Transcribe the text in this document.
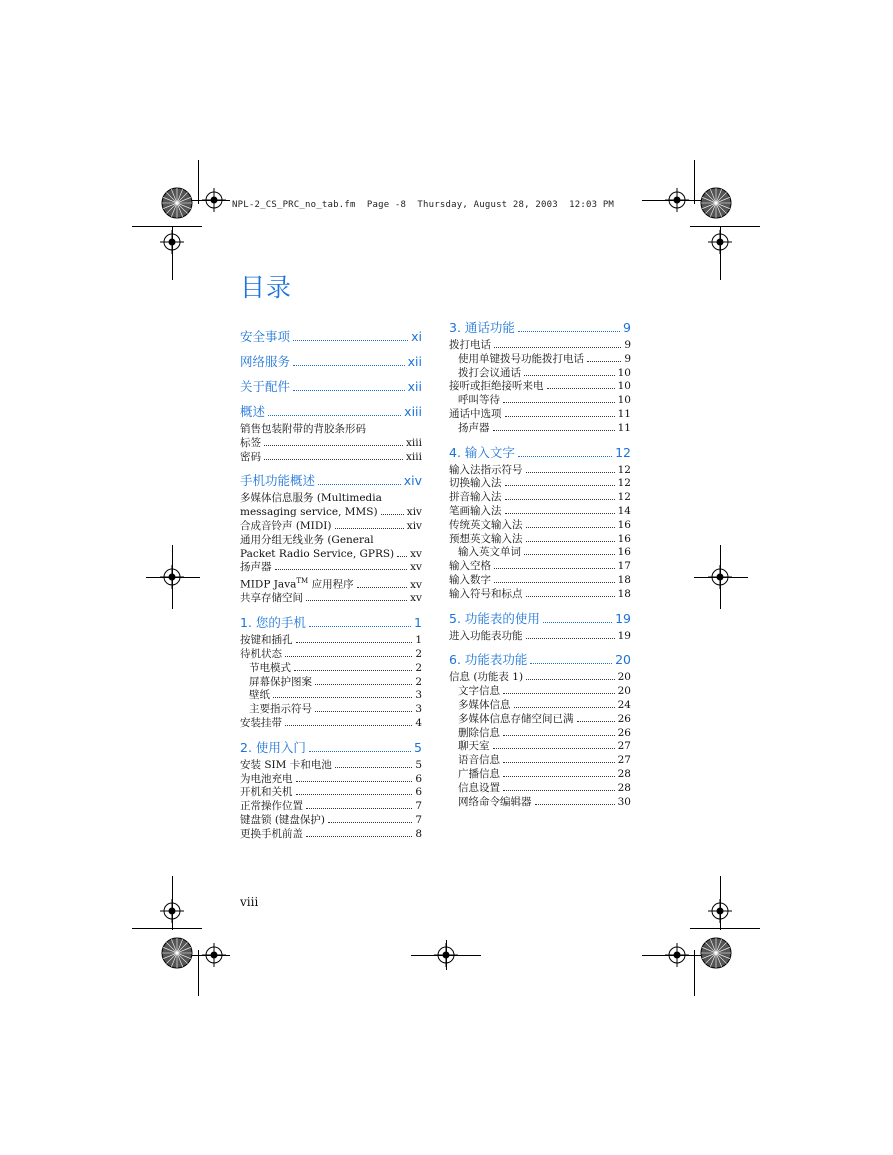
NPL-2_CS_PRC_no_tab.fm  Page -8  Thursday, August 28, 2003  12:03 PM
目录
安全事项	xi
网络服务	xii
关于配件	xii
概述	xiii
销售包装附带的背胶条形码
标签	xiii
密码	xiii
手机功能概述	xiv
多媒体信息服务 (Multimedia
messaging service, MMS)	xiv
合成音铃声 (MIDI)	xiv
通用分组无线业务 (General
Packet Radio Service, GPRS) xv
扬声器	xv
MIDP Java™ 应用程序	xv
共享存储空间	xv
1. 您的手机	1
按键和插孔	1
待机状态	2
节电模式	2
屏幕保护图案	2
壁纸	3
主要指示符号	3
安装挂带	4
2. 使用入门	5
安装 SIM 卡和电池	5
为电池充电	6
开机和关机	6
正常操作位置	7
键盘锁 (键盘保护)	7
更换手机前盖	8
3. 通话功能	9
拨打电话	9
使用单键拨号功能拨打电话	9
拨打会议通话	10
接听或拒绝接听来电	10
呼叫等待	10
通话中选项	11
扬声器	11
4. 输入文字	12
输入法指示符号	12
切换输入法	12
拼音输入法	12
笔画输入法	14
传统英文输入法	16
预想英文输入法	16
输入英文单词	16
输入空格	17
输入数字	18
输入符号和标点	18
5. 功能表的使用	19
进入功能表功能	19
6. 功能表功能	20
信息 (功能表 1)	20
文字信息	20
多媒体信息	24
多媒体信息存储空间已满	26
删除信息	26
聊天室	27
语音信息	27
广播信息	28
信息设置	28
网络命令编辑器	30
viii
